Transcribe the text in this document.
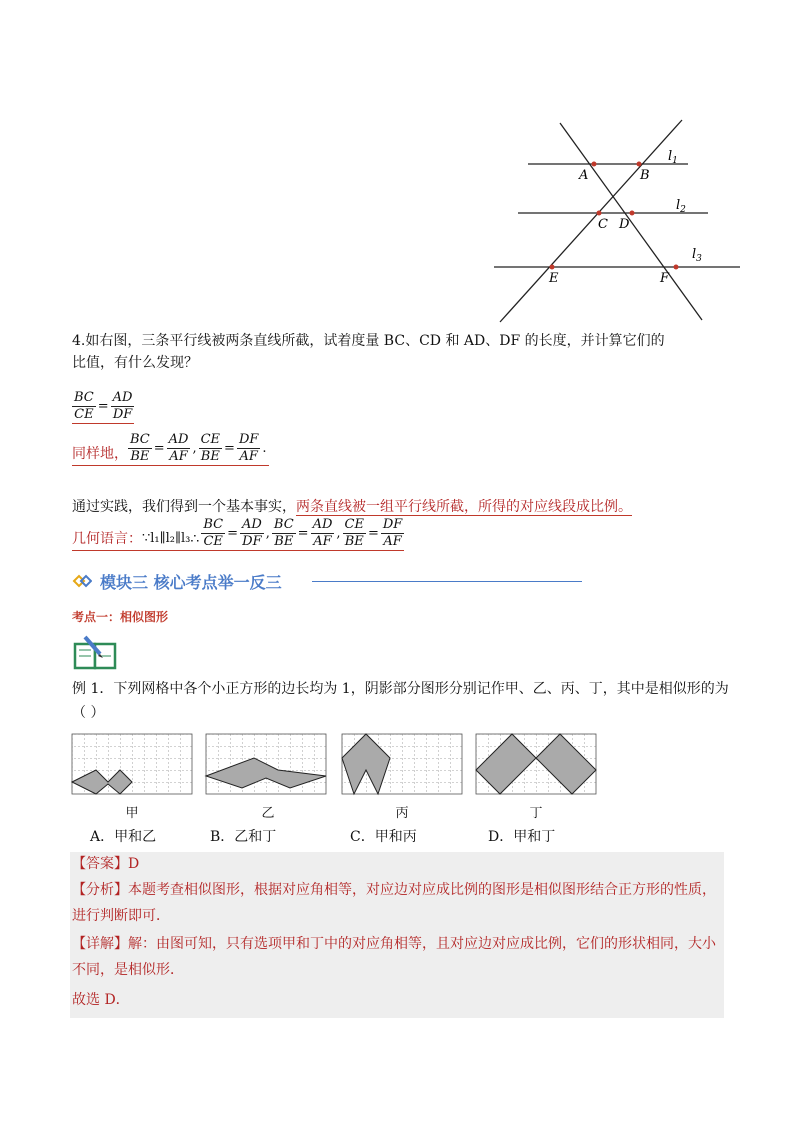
A	B
C D
E	F
$l_1$
$l_2$
$l_3$
4.如右图，三条平行线被两条直线所截，试着度量 BC、CD 和 AD、DF 的长度，并计算它们的
比值，有什么发现？
$\frac{BC}{CE} = \frac{AD}{DF}$
同样地， $\frac{BC}{BE} = \frac{AD}{AF}$ , $\frac{CE}{BE} = \frac{DF}{AF}$ .
通过实践，我们得到一个基本事实，两条直线被一组平行线所截，所得的对应线段成比例。
几何语言： ∵l₁∥l₂∥l₃ ∴ $\frac{BC}{CE} = \frac{AD}{DF}$ , $\frac{BC}{BE} = \frac{AD}{AF}$ , $\frac{CE}{BE} = \frac{DF}{AF}$
模块三 核心考点举一反三
考点一：相似图形
例 1．下列网格中各个小正方形的边长均为 1，阴影部分图形分别记作甲、乙、丙、丁，其中是相似形的为
（ ）
甲	乙	丙	丁
A．甲和乙	B．乙和丁	C．甲和丙	D．甲和丁
【答案】D
【分析】本题考查相似图形，根据对应角相等，对应边对应成比例的图形是相似图形结合正方形的性质，
进行判断即可．
【详解】解：由图可知，只有选项甲和丁中的对应角相等，且对应边对应成比例，它们的形状相同，大小
不同，是相似形．
故选 D．
